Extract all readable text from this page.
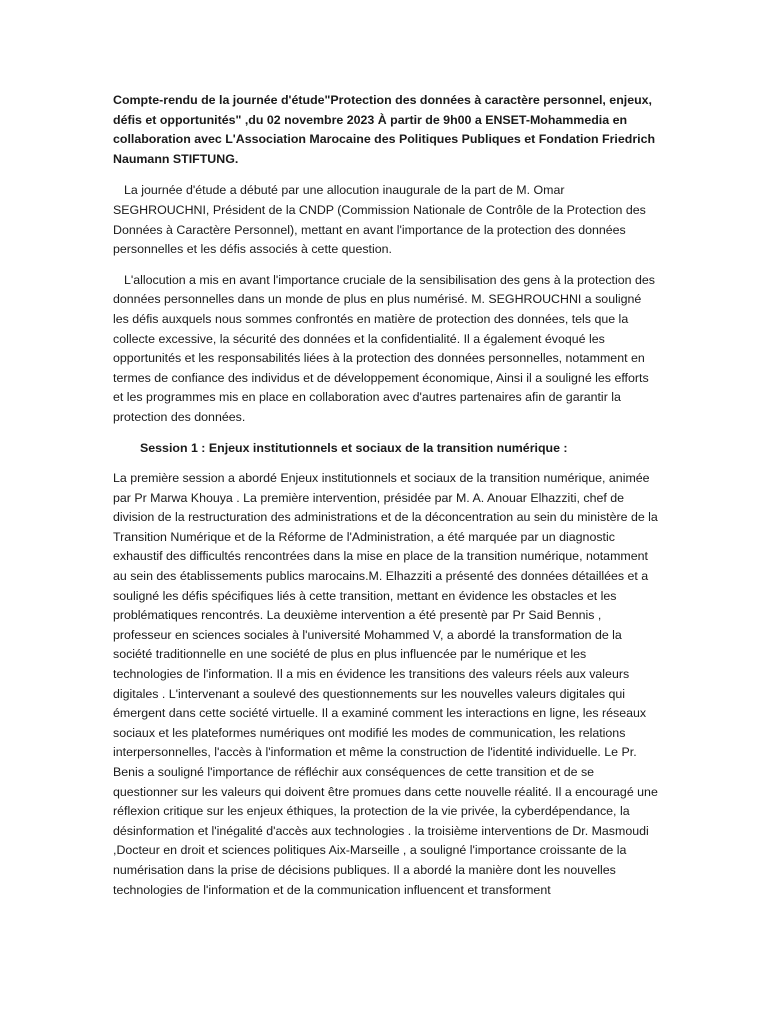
Compte-rendu de la journée d'étude"Protection des données à caractère personnel, enjeux, défis et opportunités" ,du 02 novembre 2023 À partir de 9h00 a ENSET-Mohammedia en collaboration avec L'Association Marocaine des Politiques Publiques et Fondation Friedrich Naumann STIFTUNG.

La journée d'étude a débuté par une allocution inaugurale de la part de M. Omar SEGHROUCHNI, Président de la CNDP (Commission Nationale de Contrôle de la Protection des Données à Caractère Personnel), mettant en avant l'importance de la protection des données personnelles et les défis associés à cette question.

L'allocution a mis en avant l'importance cruciale de la sensibilisation des gens à la protection des données personnelles dans un monde de plus en plus numérisé. M. SEGHROUCHNI a souligné les défis auxquels nous sommes confrontés en matière de protection des données, tels que la collecte excessive, la sécurité des données et la confidentialité. Il a également évoqué les opportunités et les responsabilités liées à la protection des données personnelles, notamment en termes de confiance des individus et de développement économique, Ainsi il a souligné les efforts et les programmes mis en place en collaboration avec d'autres partenaires afin de garantir la protection des données.

Session 1 : Enjeux institutionnels et sociaux de la transition numérique :

La première session a abordé Enjeux institutionnels et sociaux de la transition numérique, animée par Pr Marwa Khouya . La première intervention, présidée par M. A. Anouar Elhazziti, chef de division de la restructuration des administrations et de la déconcentration au sein du ministère de la Transition Numérique et de la Réforme de l'Administration, a été marquée par un diagnostic exhaustif des difficultés rencontrées dans la mise en place de la transition numérique, notamment au sein des établissements publics marocains.M. Elhazziti a présenté des données détaillées et a souligné les défis spécifiques liés à cette transition, mettant en évidence les obstacles et les problématiques rencontrés. La deuxième intervention a été presentè par Pr Said Bennis , professeur en sciences sociales à l'université Mohammed V, a abordé la transformation de la société traditionnelle en une société de plus en plus influencée par le numérique et les technologies de l'information. Il a mis en évidence les transitions des valeurs réels aux valeurs digitales . L'intervenant a soulevé des questionnements sur les nouvelles valeurs digitales qui émergent dans cette société virtuelle. Il a examiné comment les interactions en ligne, les réseaux sociaux et les plateformes numériques ont modifié les modes de communication, les relations interpersonnelles, l'accès à l'information et même la construction de l'identité individuelle. Le Pr. Benis a souligné l'importance de réfléchir aux conséquences de cette transition et de se questionner sur les valeurs qui doivent être promues dans cette nouvelle réalité. Il a encouragé une réflexion critique sur les enjeux éthiques, la protection de la vie privée, la cyberdépendance, la désinformation et l'inégalité d'accès aux technologies . la troisième interventions de Dr. Masmoudi ,Docteur en droit et sciences politiques Aix-Marseille , a souligné l'importance croissante de la numérisation dans la prise de décisions publiques. Il a abordé la manière dont les nouvelles technologies de l'information et de la communication influencent et transforment
